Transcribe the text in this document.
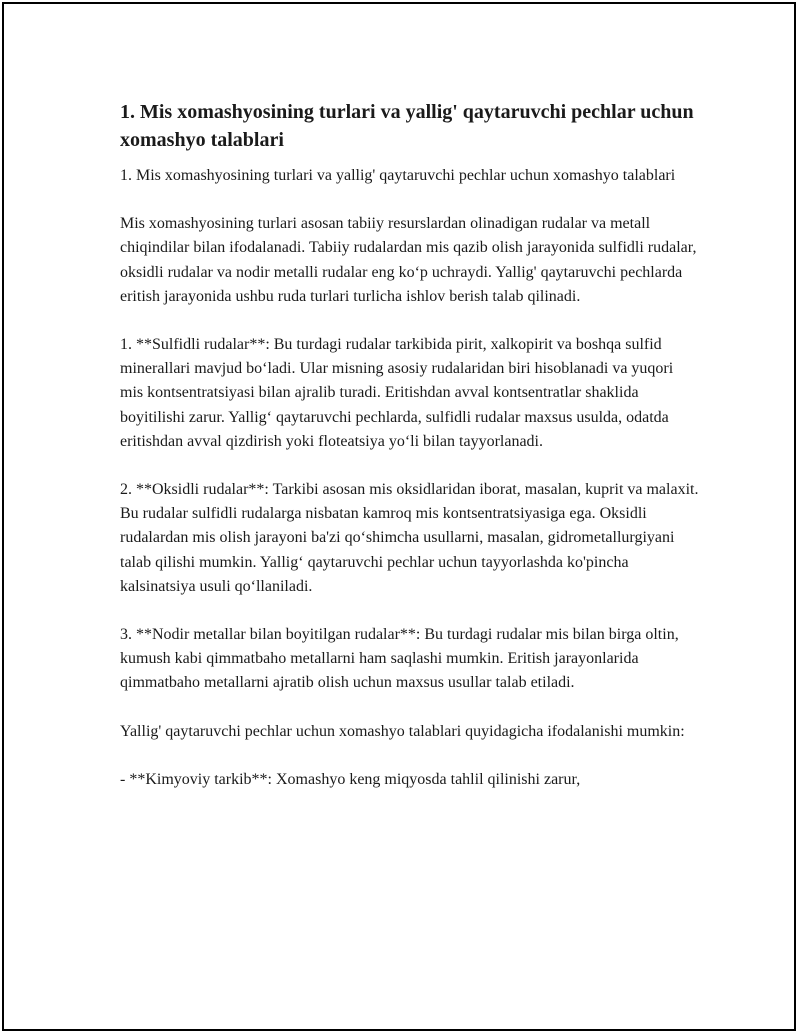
1. Mis xomashyosining turlari va yallig' qaytaruvchi pechlar uchun xomashyo talablari
1. Mis xomashyosining turlari va yallig' qaytaruvchi pechlar uchun xomashyo talablari
Mis xomashyosining turlari asosan tabiiy resurslardan olinadigan rudalar va metall chiqindilar bilan ifodalanadi. Tabiiy rudalardan mis qazib olish jarayonida sulfidli rudalar, oksidli rudalar va nodir metalli rudalar eng koʻp uchraydi. Yallig' qaytaruvchi pechlarda eritish jarayonida ushbu ruda turlari turlicha ishlov berish talab qilinadi.
1. **Sulfidli rudalar**: Bu turdagi rudalar tarkibida pirit, xalkopirit va boshqa sulfid minerallari mavjud boʻladi. Ular misning asosiy rudalaridan biri hisoblanadi va yuqori mis kontsentratsiyasi bilan ajralib turadi. Eritishdan avval kontsentratlar shaklida boyitilishi zarur. Yalligʻ qaytaruvchi pechlarda, sulfidli rudalar maxsus usulda, odatda eritishdan avval qizdirish yoki floteatsiya yoʻli bilan tayyorlanadi.
2. **Oksidli rudalar**: Tarkibi asosan mis oksidlaridan iborat, masalan, kuprit va malaxit. Bu rudalar sulfidli rudalarga nisbatan kamroq mis kontsentratsiyasiga ega. Oksidli rudalardan mis olish jarayoni ba'zi qoʻshimcha usullarni, masalan, gidrometallurgiyani talab qilishi mumkin. Yalligʻ qaytaruvchi pechlar uchun tayyorlashda ko'pincha kalsinatsiya usuli qoʻllaniladi.
3. **Nodir metallar bilan boyitilgan rudalar**: Bu turdagi rudalar mis bilan birga oltin, kumush kabi qimmatbaho metallarni ham saqlashi mumkin. Eritish jarayonlarida qimmatbaho metallarni ajratib olish uchun maxsus usullar talab etiladi.
Yallig' qaytaruvchi pechlar uchun xomashyo talablari quyidagicha ifodalanishi mumkin:
- **Kimyoviy tarkib**: Xomashyo keng miqyosda tahlil qilinishi zarur,
